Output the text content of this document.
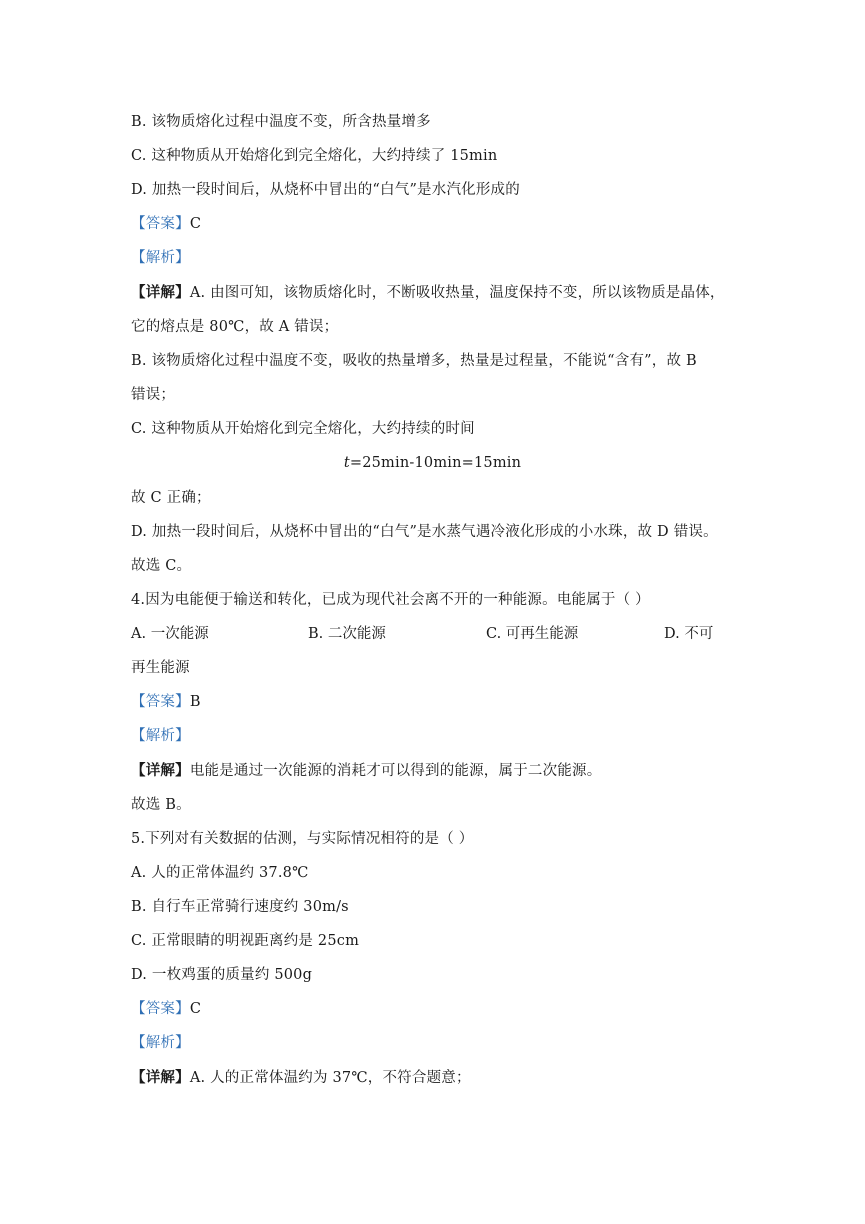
B. 该物质熔化过程中温度不变，所含热量增多
C. 这种物质从开始熔化到完全熔化，大约持续了 15min
D. 加热一段时间后，从烧杯中冒出的“白气”是水汽化形成的
【答案】C
【解析】
【详解】A. 由图可知，该物质熔化时，不断吸收热量，温度保持不变，所以该物质是晶体，
它的熔点是 80℃，故 A 错误；
B. 该物质熔化过程中温度不变，吸收的热量增多，热量是过程量，不能说“含有”，故 B
错误；
C. 这种物质从开始熔化到完全熔化，大约持续的时间
t=25min-10min=15min
故 C 正确；
D. 加热一段时间后，从烧杯中冒出的“白气”是水蒸气遇冷液化形成的小水珠，故 D 错误。
故选 C。
4.因为电能便于输送和转化，已成为现代社会离不开的一种能源。电能属于（ ）
A. 一次能源	B. 二次能源	C. 可再生能源	D. 不可
再生能源
【答案】B
【解析】
【详解】电能是通过一次能源的消耗才可以得到的能源，属于二次能源。
故选 B。
5.下列对有关数据的估测，与实际情况相符的是（ ）
A. 人的正常体温约 37.8℃
B. 自行车正常骑行速度约 30m/s
C. 正常眼睛的明视距离约是 25cm
D. 一枚鸡蛋的质量约 500g
【答案】C
【解析】
【详解】A. 人的正常体温约为 37℃，不符合题意；
